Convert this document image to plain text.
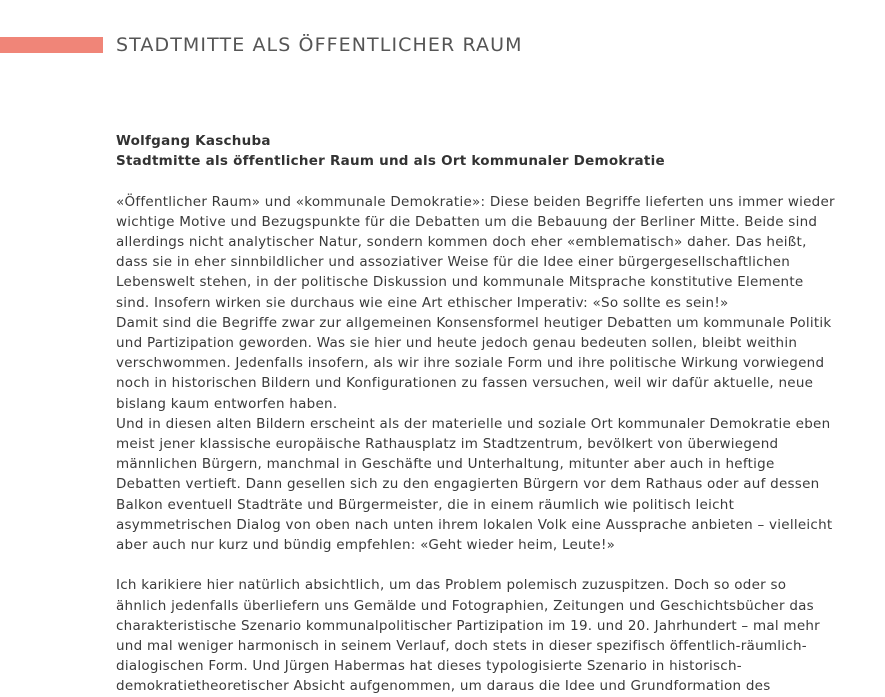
STADTMITTE ALS ÖFFENTLICHER RAUM
Wolfgang Kaschuba
Stadtmitte als öffentlicher Raum und als Ort kommunaler Demokratie
«Öffentlicher Raum» und «kommunale Demokratie»: Diese beiden Begriffe lieferten uns immer wieder
wichtige Motive und Bezugspunkte für die Debatten um die Bebauung der Berliner Mitte. Beide sind
allerdings nicht analytischer Natur, sondern kommen doch eher «emblematisch» daher. Das heißt,
dass sie in eher sinnbildlicher und assoziativer Weise für die Idee einer bürgergesellschaftlichen
Lebenswelt stehen, in der politische Diskussion und kommunale Mitsprache konstitutive Elemente
sind. Insofern wirken sie durchaus wie eine Art ethischer Imperativ: «So sollte es sein!»
Damit sind die Begriffe zwar zur allgemeinen Konsensformel heutiger Debatten um kommunale Politik
und Partizipation geworden. Was sie hier und heute jedoch genau bedeuten sollen, bleibt weithin
verschwommen. Jedenfalls insofern, als wir ihre soziale Form und ihre politische Wirkung vorwiegend
noch in historischen Bildern und Konfigurationen zu fassen versuchen, weil wir dafür aktuelle, neue
bislang kaum entworfen haben.
Und in diesen alten Bildern erscheint als der materielle und soziale Ort kommunaler Demokratie eben
meist jener klassische europäische Rathausplatz im Stadtzentrum, bevölkert von überwiegend
männlichen Bürgern, manchmal in Geschäfte und Unterhaltung, mitunter aber auch in heftige
Debatten vertieft. Dann gesellen sich zu den engagierten Bürgern vor dem Rathaus oder auf dessen
Balkon eventuell Stadträte und Bürgermeister, die in einem räumlich wie politisch leicht
asymmetrischen Dialog von oben nach unten ihrem lokalen Volk eine Aussprache anbieten – vielleicht
aber auch nur kurz und bündig empfehlen: «Geht wieder heim, Leute!»
Ich karikiere hier natürlich absichtlich, um das Problem polemisch zuzuspitzen. Doch so oder so
ähnlich jedenfalls überliefern uns Gemälde und Fotographien, Zeitungen und Geschichtsbücher das
charakteristische Szenario kommunalpolitischer Partizipation im 19. und 20. Jahrhundert – mal mehr
und mal weniger harmonisch in seinem Verlauf, doch stets in dieser spezifisch öffentlich-räumlich-
dialogischen Form. Und Jürgen Habermas hat dieses typologisierte Szenario in historisch-
demokratietheoretischer Absicht aufgenommen, um daraus die Idee und Grundformation des
